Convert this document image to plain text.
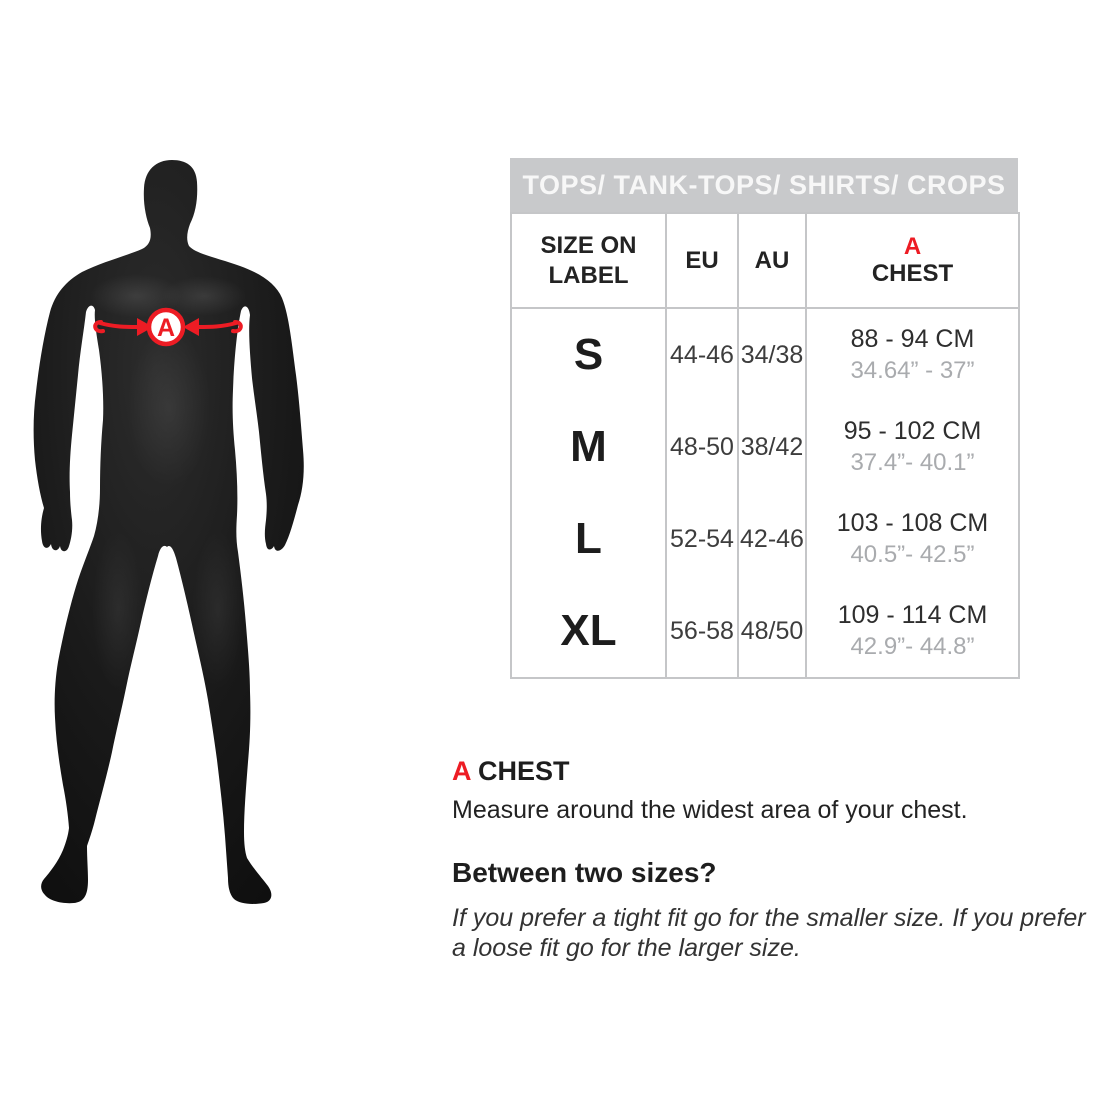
A
TOPS/ TANK-TOPS/ SHIRTS/ CROPS
SIZE ON LABEL	EU	AU	A
CHEST

S	44-46	34/38	88 - 94 CM
34.64” - 37”

M	48-50	38/42	95 - 102 CM
37.4”- 40.1”

L	52-54	42-46	103 - 108 CM
40.5”- 42.5”

XL	56-58	48/50	109 - 114 CM
42.9”- 44.8”
A CHEST
Measure around the widest area of your chest.
Between two sizes?
If you prefer a tight fit go for the smaller size. If you prefer
a loose fit go for the larger size.
